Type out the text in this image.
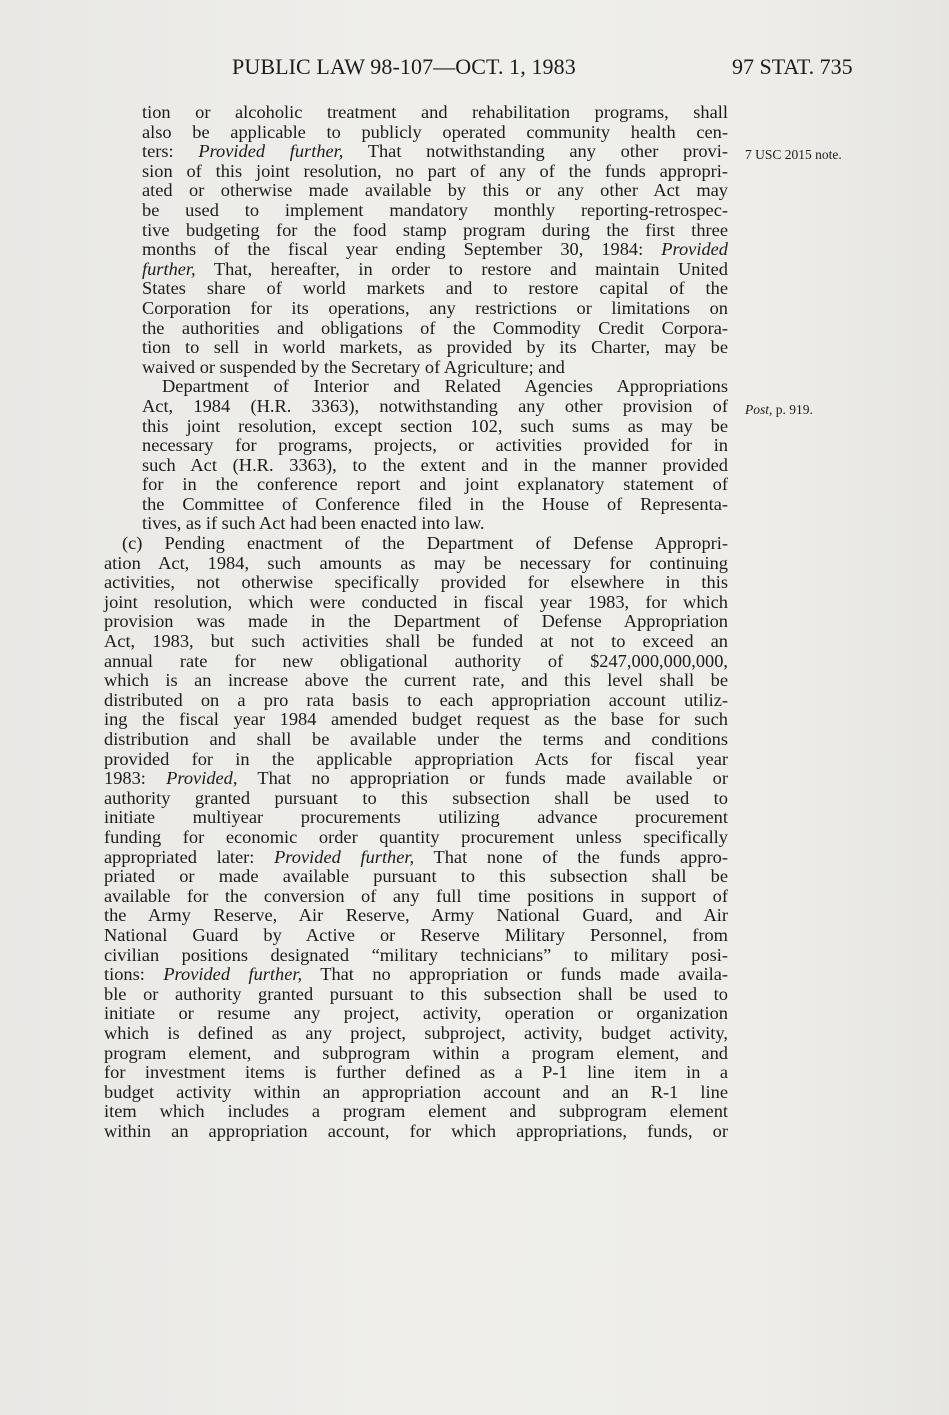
PUBLIC LAW 98-107—OCT. 1, 1983	97 STAT. 735
tion or alcoholic treatment and rehabilitation programs, shall
also be applicable to publicly operated community health cen-
ters: Provided further, That notwithstanding any other provi-
sion of this joint resolution, no part of any of the funds appropri-
ated or otherwise made available by this or any other Act may
be used to implement mandatory monthly reporting-retrospec-
tive budgeting for the food stamp program during the first three
months of the fiscal year ending September 30, 1984: Provided
further, That, hereafter, in order to restore and maintain United
States share of world markets and to restore capital of the
Corporation for its operations, any restrictions or limitations on
the authorities and obligations of the Commodity Credit Corpora-
tion to sell in world markets, as provided by its Charter, may be
waived or suspended by the Secretary of Agriculture; and
Department of Interior and Related Agencies Appropriations
Act, 1984 (H.R. 3363), notwithstanding any other provision of
this joint resolution, except section 102, such sums as may be
necessary for programs, projects, or activities provided for in
such Act (H.R. 3363), to the extent and in the manner provided
for in the conference report and joint explanatory statement of
the Committee of Conference filed in the House of Representa-
tives, as if such Act had been enacted into law.
(c) Pending enactment of the Department of Defense Appropri-
ation Act, 1984, such amounts as may be necessary for continuing
activities, not otherwise specifically provided for elsewhere in this
joint resolution, which were conducted in fiscal year 1983, for which
provision was made in the Department of Defense Appropriation
Act, 1983, but such activities shall be funded at not to exceed an
annual rate for new obligational authority of $247,000,000,000,
which is an increase above the current rate, and this level shall be
distributed on a pro rata basis to each appropriation account utiliz-
ing the fiscal year 1984 amended budget request as the base for such
distribution and shall be available under the terms and conditions
provided for in the applicable appropriation Acts for fiscal year
1983: Provided, That no appropriation or funds made available or
authority granted pursuant to this subsection shall be used to
initiate multiyear procurements utilizing advance procurement
funding for economic order quantity procurement unless specifically
appropriated later: Provided further, That none of the funds appro-
priated or made available pursuant to this subsection shall be
available for the conversion of any full time positions in support of
the Army Reserve, Air Reserve, Army National Guard, and Air
National Guard by Active or Reserve Military Personnel, from
civilian positions designated “military technicians” to military posi-
tions: Provided further, That no appropriation or funds made availa-
ble or authority granted pursuant to this subsection shall be used to
initiate or resume any project, activity, operation or organization
which is defined as any project, subproject, activity, budget activity,
program element, and subprogram within a program element, and
for investment items is further defined as a P-1 line item in a
budget activity within an appropriation account and an R-1 line
item which includes a program element and subprogram element
within an appropriation account, for which appropriations, funds, or
7 USC 2015 note.
Post, p. 919.
